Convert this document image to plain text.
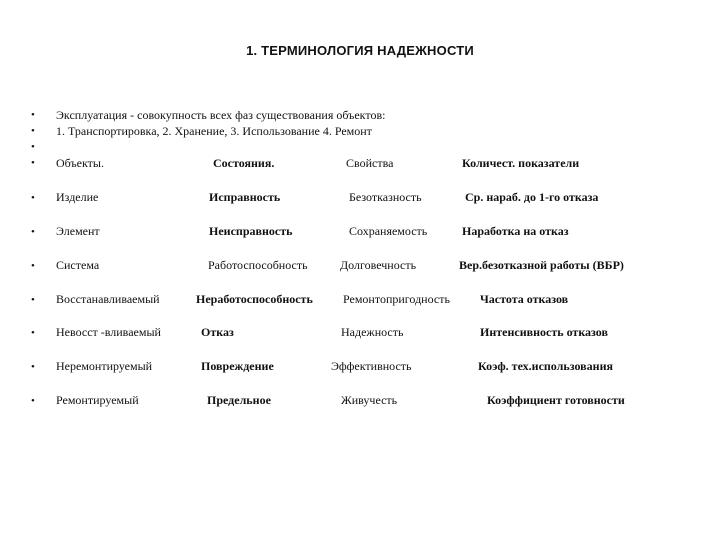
1. ТЕРМИНОЛОГИЯ НАДЕЖНОСТИ
•
•
•
•
Эксплуатация - совокупность всех фаз существования объектов:
1. Транспортировка, 2. Хранение, 3. Использование 4. Ремонт
Объекты.	Состояния.	Свойства	Количест. показатели
• Изделие	Исправность	Безотказность	Ср. нараб. до 1-го отказа
• Элемент	Неисправность	Сохраняемость	Наработка на отказ
• Система	Работоспособность	Долговечность	Вер.безотказной работы (ВБР)
• Восстанавливаемый	Неработоспособность	Ремонтопригодность	Частота отказов
• Невосст -вливаемый	Отказ	Надежность	Интенсивность отказов
• Неремонтируемый	Повреждение	Эффективность	Коэф. тех.использования
• Ремонтируемый	Предельное	Живучесть	Коэффициент готовности
